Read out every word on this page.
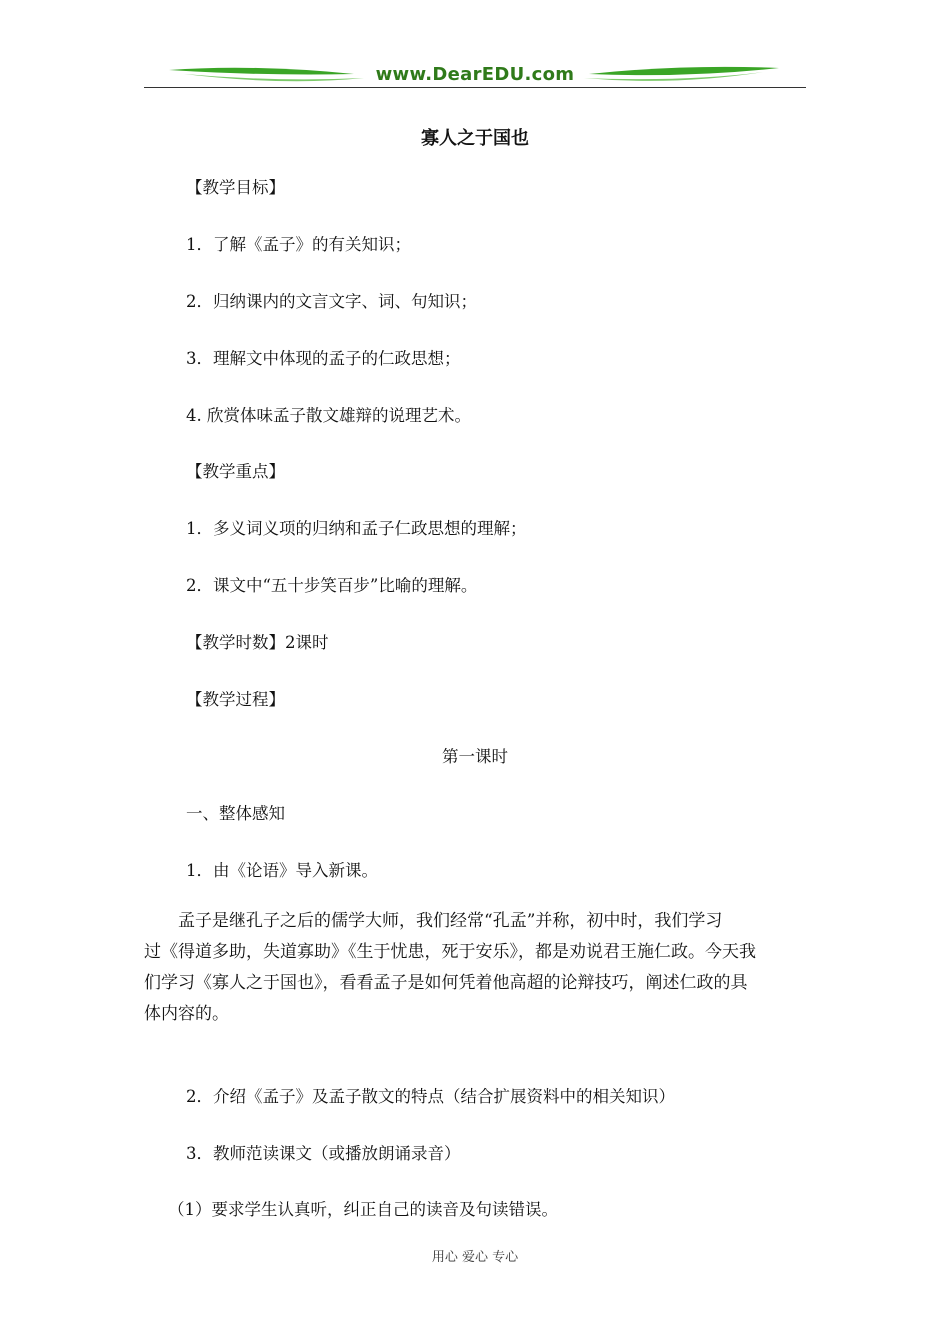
www.DearEDU.com
寡人之于国也
【教学目标】
1．了解《孟子》的有关知识；
2．归纳课内的文言文字、词、句知识；
3．理解文中体现的孟子的仁政思想；
4. 欣赏体味孟子散文雄辩的说理艺术。
【教学重点】
1．多义词义项的归纳和孟子仁政思想的理解；
2．课文中“五十步笑百步”比喻的理解。
【教学时数】2课时
【教学过程】
第一课时
一、整体感知
1．由《论语》导入新课。
　　孟子是继孔子之后的儒学大师，我们经常“孔孟”并称，初中时，我们学习
过《得道多助，失道寡助》《生于忧患，死于安乐》，都是劝说君王施仁政。今天我
们学习《寡人之于国也》，看看孟子是如何凭着他高超的论辩技巧，阐述仁政的具
体内容的。
2．介绍《孟子》及孟子散文的特点（结合扩展资料中的相关知识）
3．教师范读课文（或播放朗诵录音）
（1）要求学生认真听，纠正自己的读音及句读错误。
用心 爱心 专心
